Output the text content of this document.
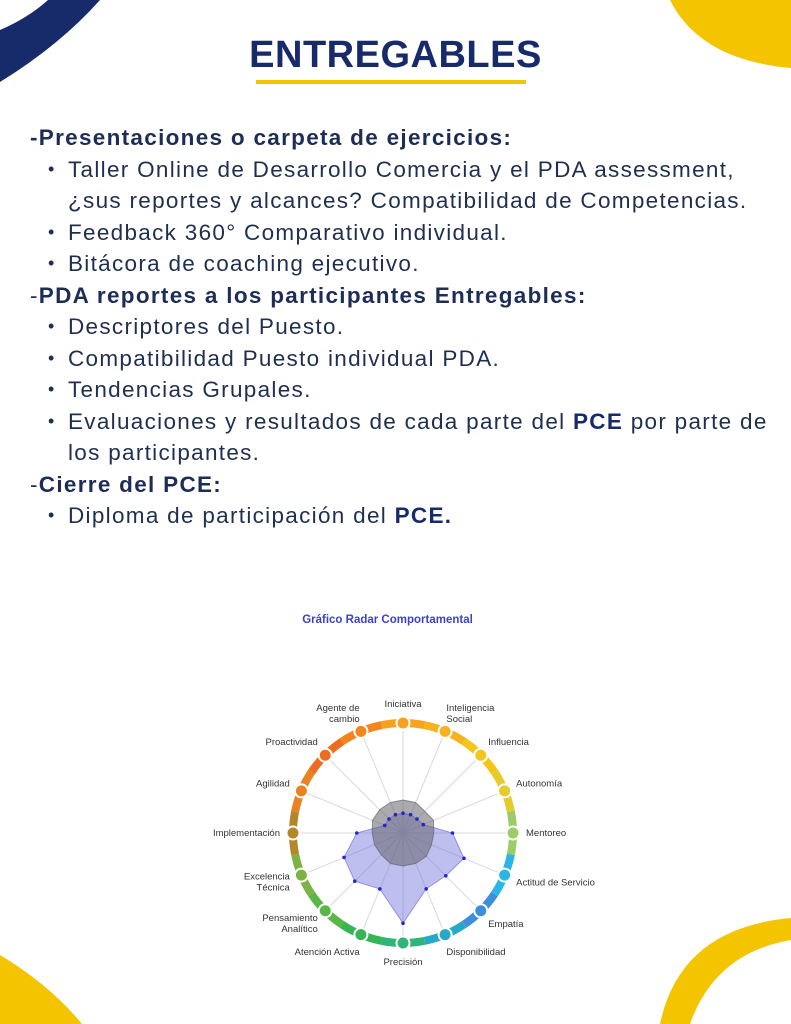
ENTREGABLES
-Presentaciones o carpeta de ejercicios:
• Taller Online de Desarrollo Comercia y el PDA assessment, ¿sus reportes y alcances? Compatibilidad de Competencias.
• Feedback 360° Comparativo individual.
• Bitácora de coaching ejecutivo.
-PDA reportes a los participantes Entregables:
• Descriptores del Puesto.
• Compatibilidad Puesto individual PDA.
• Tendencias Grupales.
• Evaluaciones y resultados de cada parte del PCE por parte de los participantes.
-Cierre del PCE:
• Diploma de participación del PCE.
Gráfico Radar Comportamental
Iniciativa	Inteligencia Social
Influencia
Autonomía
Mentoreo
Actitud de Servicio
Empatía
Disponibilidad
Precisión
Atención Activa
Pensamiento Analítico
Excelencia Técnica
Implementación
Agilidad
Proactividad
Agente de cambio
